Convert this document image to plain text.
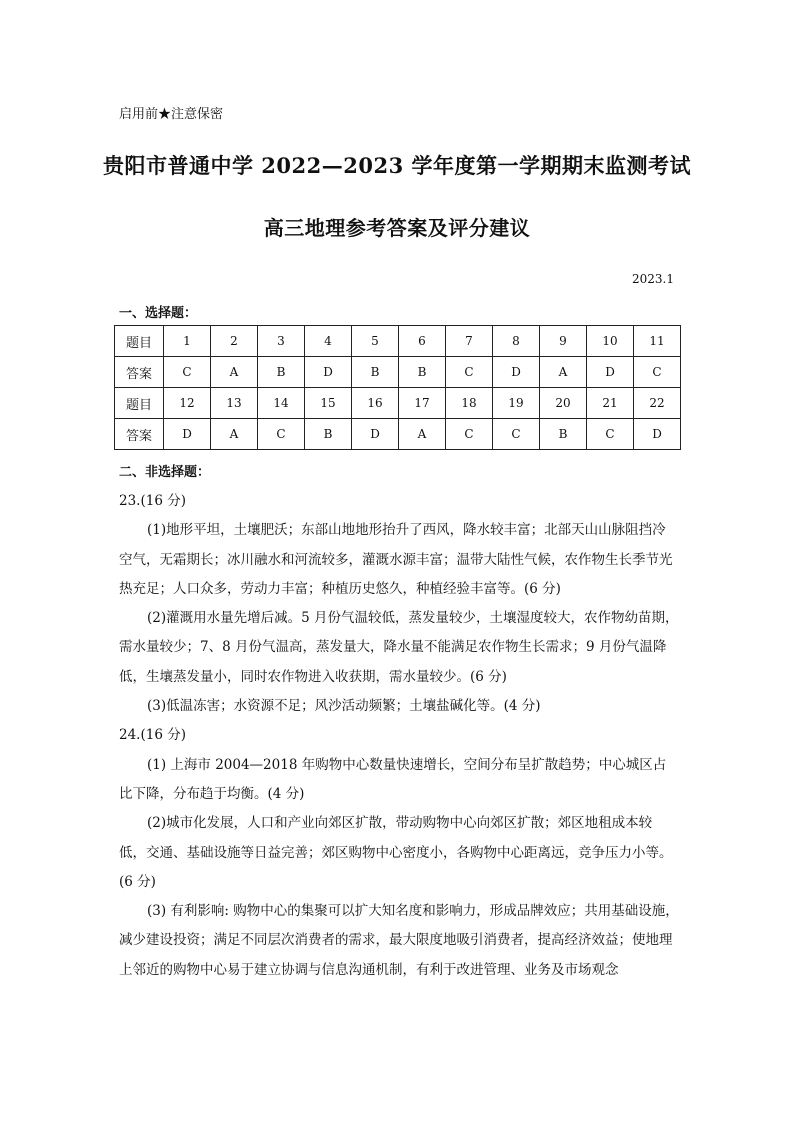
启用前★注意保密
贵阳市普通中学 2022—2023 学年度第一学期期末监测考试
高三地理参考答案及评分建议
2023.1
一、选择题：
题目	1	2	3	4	5	6	7	8	9	10	11
答案	C	A	B	D	B	B	C	D	A	D	C
题目	12	13	14	15	16	17	18	19	20	21	22
答案	D	A	C	B	D	A	C	C	B	C	D
二、非选择题：

23.(16 分)

(1)地形平坦，土壤肥沃；东部山地地形抬升了西风，降水较丰富；北部天山山脉阻挡冷空气，无霜期长；冰川融水和河流较多，灌溉水源丰富；温带大陆性气候，农作物生长季节光热充足；人口众多，劳动力丰富；种植历史悠久，种植经验丰富等。(6 分)

(2)灌溉用水量先增后减。5 月份气温较低，蒸发量较少，土壤湿度较大，农作物幼苗期，需水量较少；7、8 月份气温高，蒸发量大，降水量不能满足农作物生长需求；9 月份气温降低，生壤蒸发量小，同时农作物进入收获期，需水量较少。(6 分)

(3)低温冻害；水资源不足；风沙活动频繁；土壤盐碱化等。(4 分)

24.(16 分)

(1) 上海市 2004—2018 年购物中心数量快速增长，空间分布呈扩散趋势；中心城区占比下降，分布趋于均衡。(4 分)

(2)城市化发展，人口和产业向郊区扩散，带动购物中心向郊区扩散；郊区地租成本较低，交通、基础设施等日益完善；郊区购物中心密度小，各购物中心距离远，竞争压力小等。(6 分)

(3) 有利影响: 购物中心的集聚可以扩大知名度和影响力，形成品牌效应；共用基础设施，减少建设投资；满足不同层次消费者的需求，最大限度地吸引消费者，提高经济效益；使地理上邻近的购物中心易于建立协调与信息沟通机制，有利于改进管理、业务及市场观念
